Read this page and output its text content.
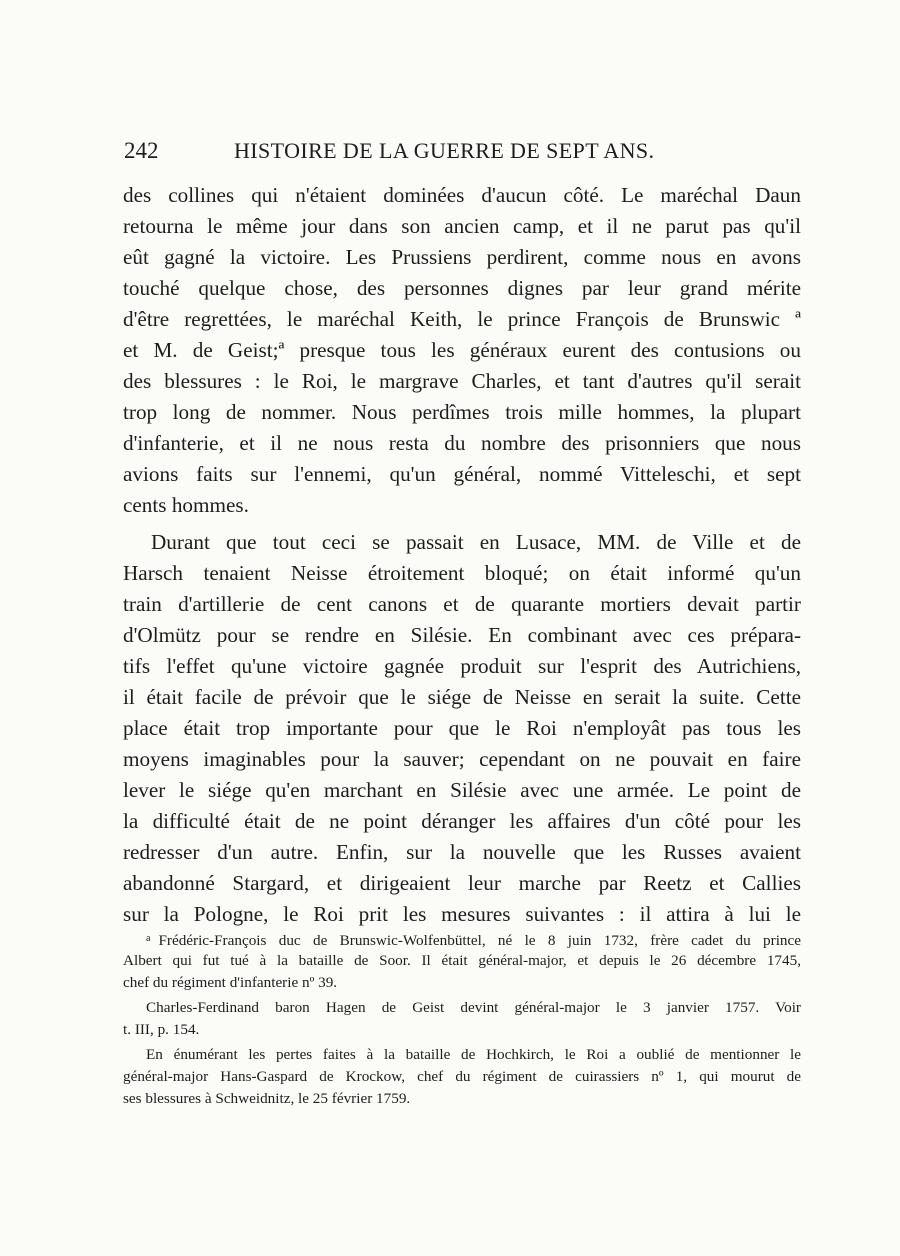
242	HISTOIRE DE LA GUERRE DE SEPT ANS.
des collines qui n'étaient dominées d'aucun côté. Le maréchal Daun
retourna le même jour dans son ancien camp, et il ne parut pas qu'il
eût gagné la victoire. Les Prussiens perdirent, comme nous en avons
touché quelque chose, des personnes dignes par leur grand mérite
d'être regrettées, le maréchal Keith, le prince François de Brunswic ª
et M. de Geist;ª presque tous les généraux eurent des contusions ou
des blessures : le Roi, le margrave Charles, et tant d'autres qu'il serait
trop long de nommer. Nous perdîmes trois mille hommes, la plupart
d'infanterie, et il ne nous resta du nombre des prisonniers que nous
avions faits sur l'ennemi, qu'un général, nommé Vitteleschi, et sept
cents hommes.
Durant que tout ceci se passait en Lusace, MM. de Ville et de
Harsch tenaient Neisse étroitement bloqué; on était informé qu'un
train d'artillerie de cent canons et de quarante mortiers devait partir
d'Olmütz pour se rendre en Silésie. En combinant avec ces prépara-
tifs l'effet qu'une victoire gagnée produit sur l'esprit des Autrichiens,
il était facile de prévoir que le siége de Neisse en serait la suite. Cette
place était trop importante pour que le Roi n'employât pas tous les
moyens imaginables pour la sauver; cependant on ne pouvait en faire
lever le siége qu'en marchant en Silésie avec une armée. Le point de
la difficulté était de ne point déranger les affaires d'un côté pour les
redresser d'un autre. Enfin, sur la nouvelle que les Russes avaient
abandonné Stargard, et dirigeaient leur marche par Reetz et Callies
sur la Pologne, le Roi prit les mesures suivantes : il attira à lui le
$^a$ Frédéric-François duc de Brunswic-Wolfenbüttel, né le 8 juin 1732, frère cadet du prince
Albert qui fut tué à la bataille de Soor. Il était général-major, et depuis le 26 décembre 1745,
chef du régiment d'infanterie nº 39.
Charles-Ferdinand baron Hagen de Geist devint général-major le 3 janvier 1757. Voir
t. III, p. 154.
En énumérant les pertes faites à la bataille de Hochkirch, le Roi a oublié de mentionner le
général-major Hans-Gaspard de Krockow, chef du régiment de cuirassiers nº 1, qui mourut de
ses blessures à Schweidnitz, le 25 février 1759.
